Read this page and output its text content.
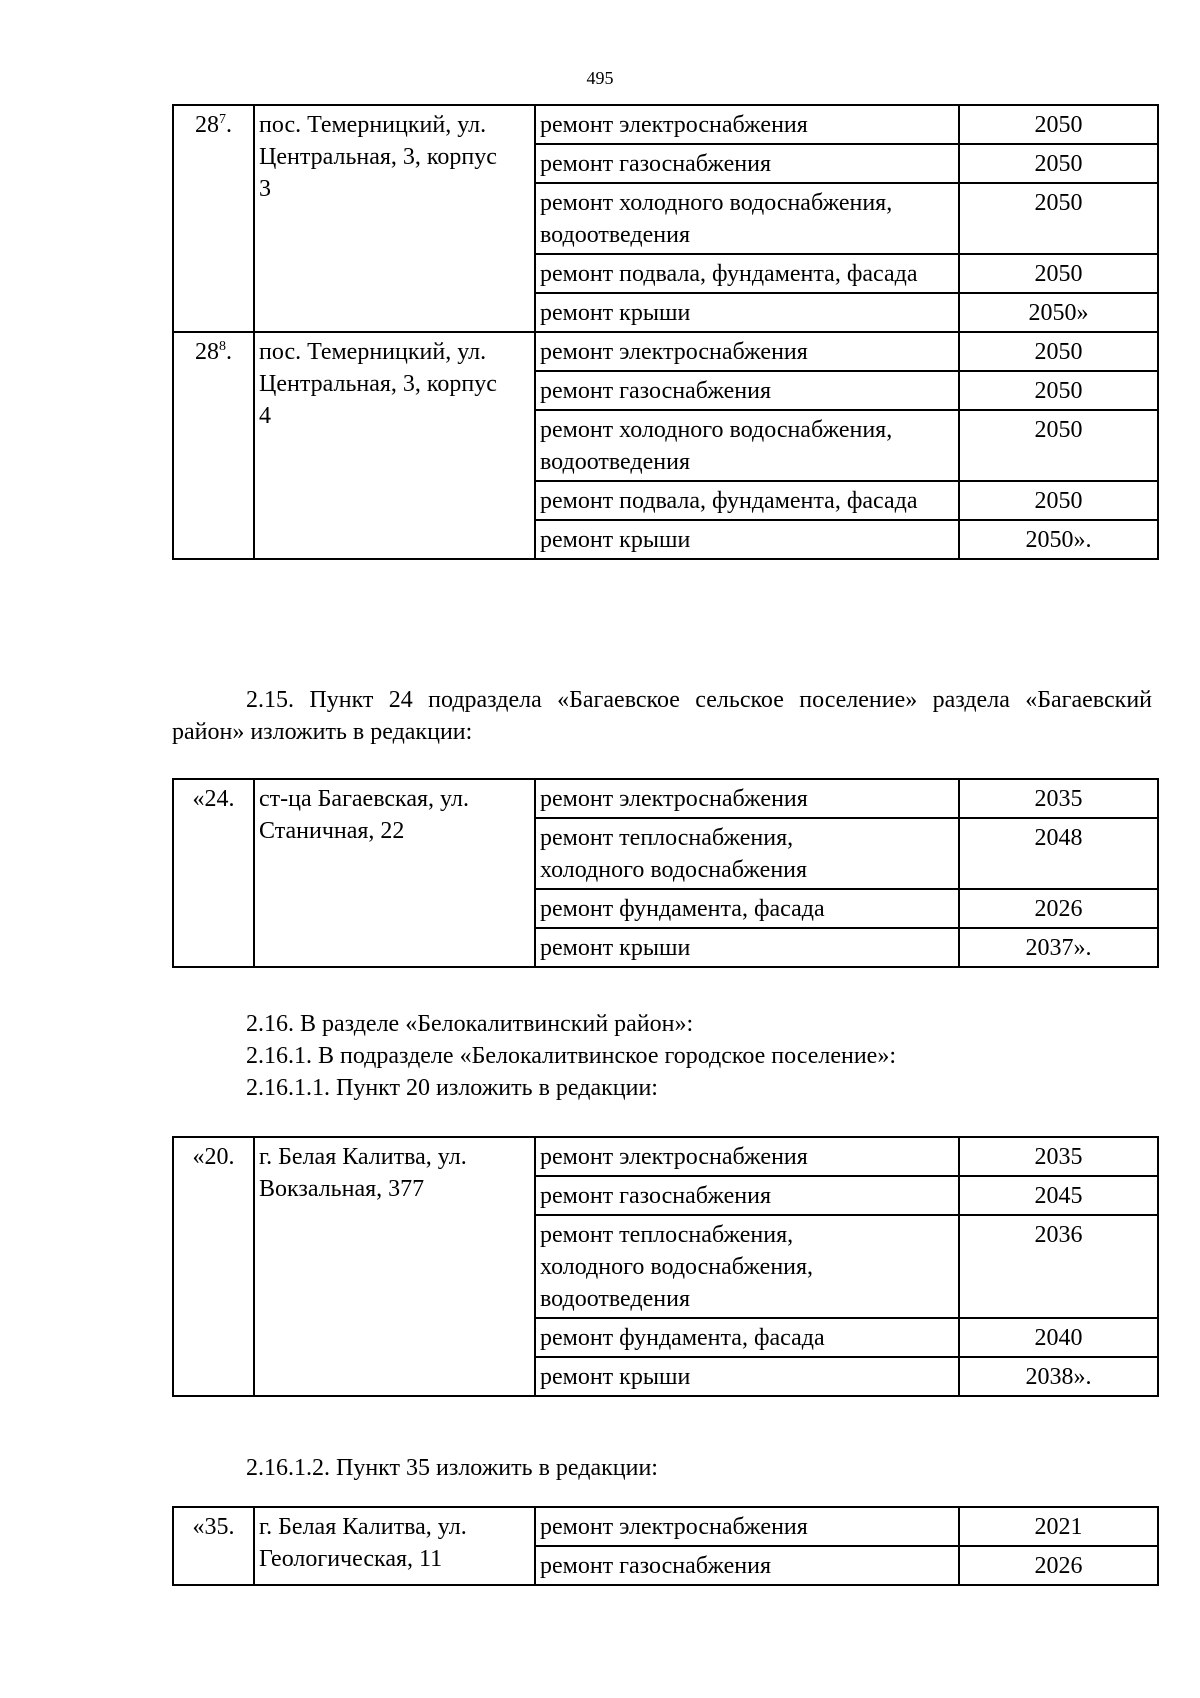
495
$28^7$.	пос. Темерницкий, ул. Центральная, 3, корпус 3	ремонт электроснабжения	2050
		ремонт газоснабжения	2050
		ремонт холодного водоснабжения, водоотведения	2050
		ремонт подвала, фундамента, фасада	2050
		ремонт крыши	2050»
$28^8$.	пос. Темерницкий, ул. Центральная, 3, корпус 4	ремонт электроснабжения	2050
		ремонт газоснабжения	2050
		ремонт холодного водоснабжения, водоотведения	2050
		ремонт подвала, фундамента, фасада	2050
		ремонт крыши	2050».
2.15. Пункт 24 подраздела «Багаевское сельское поселение» раздела «Багаевский район» изложить в редакции:
«24.	ст-ца Багаевская, ул. Станичная, 22	ремонт электроснабжения	2035
		ремонт теплоснабжения, холодного водоснабжения	2048
		ремонт фундамента, фасада	2026
		ремонт крыши	2037».
2.16. В разделе «Белокалитвинский район»:
2.16.1. В подразделе «Белокалитвинское городское поселение»:
2.16.1.1. Пункт 20 изложить в редакции:
«20.	г. Белая Калитва, ул. Вокзальная, 377	ремонт электроснабжения	2035
		ремонт газоснабжения	2045
		ремонт теплоснабжения, холодного водоснабжения, водоотведения	2036
		ремонт фундамента, фасада	2040
		ремонт крыши	2038».
2.16.1.2. Пункт 35 изложить в редакции:
«35.	г. Белая Калитва, ул. Геологическая, 11	ремонт электроснабжения	2021
		ремонт газоснабжения	2026
